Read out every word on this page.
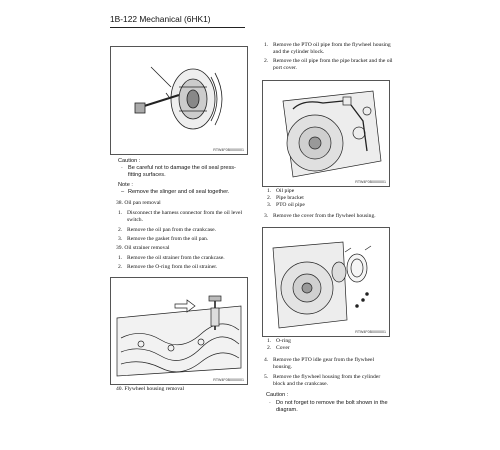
1B-122 Mechanical (6HK1)
RTW4F0B0000001
Caution :
· Be careful not to damage the oil seal press-
fitting surfaces.
Note :
– Remove the slinger and oil seal together.
38. Oil pan removal
1. Disconnect the harness connector from the oil level
switch.
2. Remove the oil pan from the crankcase.
3. Remove the gasket from the oil pan.
39. Oil strainer removal
1. Remove the oil strainer from the crankcase.
2. Remove the O-ring from the oil strainer.
RTW4F0B0000001
40. Flywheel housing removal
1. Remove the PTO oil pipe from the flywheel housing
and the cylinder block.
2. Remove the oil pipe from the pipe bracket and the oil
port cover.
RTW4F0B0000001
1. Oil pipe
2. Pipe bracket
3. PTO oil pipe
3. Remove the cover from the flywheel housing.
RTW4F0B0000001
1. O-ring
2. Cover
4. Remove the PTO idle gear from the flywheel
housing.
5. Remove the flywheel housing from the cylinder
block and the crankcase.
Caution :
· Do not forget to remove the bolt shown in the
diagram.
